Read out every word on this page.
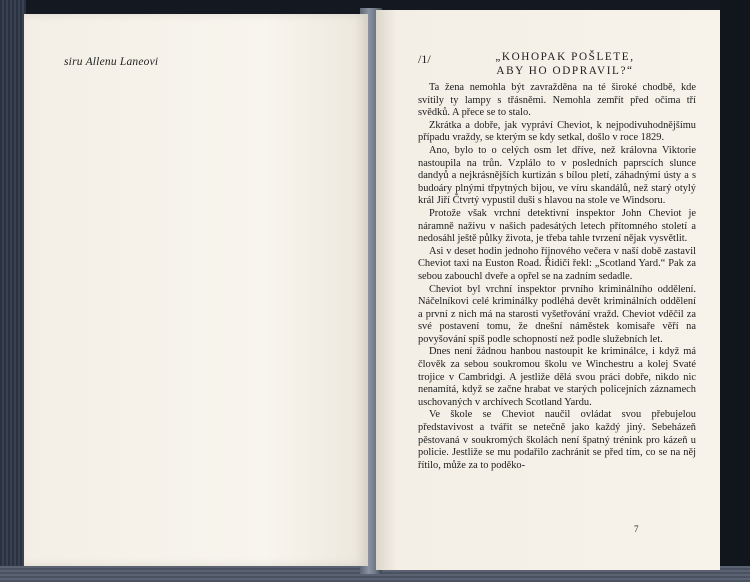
siru Allenu Laneovi	/1/	„KOHOPAK POŠLETE,
ABY HO ODPRAVIL?“

Ta žena nemohla být zavražděna na té široké chodbě, kde svítily ty lampy s třásněmi. Nemohla zemřít před očima tří svědků. A přece se to stalo.

Zkrátka a dobře, jak vypráví Cheviot, k nejpodivuhodnějšímu případu vraždy, se kterým se kdy setkal, došlo v roce 1829.

Ano, bylo to o celých osm let dříve, než královna Viktorie nastoupila na trůn. Vzplálo to v posledních paprscích slunce dandyů a nejkrásnějších kurtizán s bílou pletí, záhadnými ústy a s budoáry plnými třpytných bijou, ve víru skandálů, než starý otylý král Jiří Čtvrtý vypustil duši s hlavou na stole ve Windsoru.

Protože však vrchní detektivní inspektor John Cheviot je náramně naživu v našich padesátých letech přítomného století a nedosáhl ještě půlky života, je třeba tahle tvrzení nějak vysvětlit.

Asi v deset hodin jednoho říjnového večera v naší době zastavil Cheviot taxi na Euston Road. Řidiči řekl: „Scotland Yard.“ Pak za sebou zabouchl dveře a opřel se na zadním sedadle.

Cheviot byl vrchní inspektor prvního kriminálního oddělení. Náčelníkovi celé kriminálky podléhá devět kriminálních oddělení a první z nich má na starosti vyšetřování vražd. Cheviot vděčil za své postavení tomu, že dnešní náměstek komisaře věří na povyšování spíš podle schopností než podle služebních let.

Dnes není žádnou hanbou nastoupit ke kriminálce, i když má člověk za sebou soukromou školu ve Winchestru a kolej Svaté trojice v Cambridgi. A jestliže dělá svou práci dobře, nikdo nic nenamítá, když se začne hrabat ve starých policejních záznamech uschovaných v archívech Scotland Yardu.

Ve škole se Cheviot naučil ovládat svou přebujelou představivost a tvářit se netečně jako každý jiný. Sebeházeň pěstovaná v soukromých školách není špatný trénink pro kázeň u policie. Jestliže se mu podařilo zachránit se před tím, co se na něj řítilo, může za to poděko-

7
